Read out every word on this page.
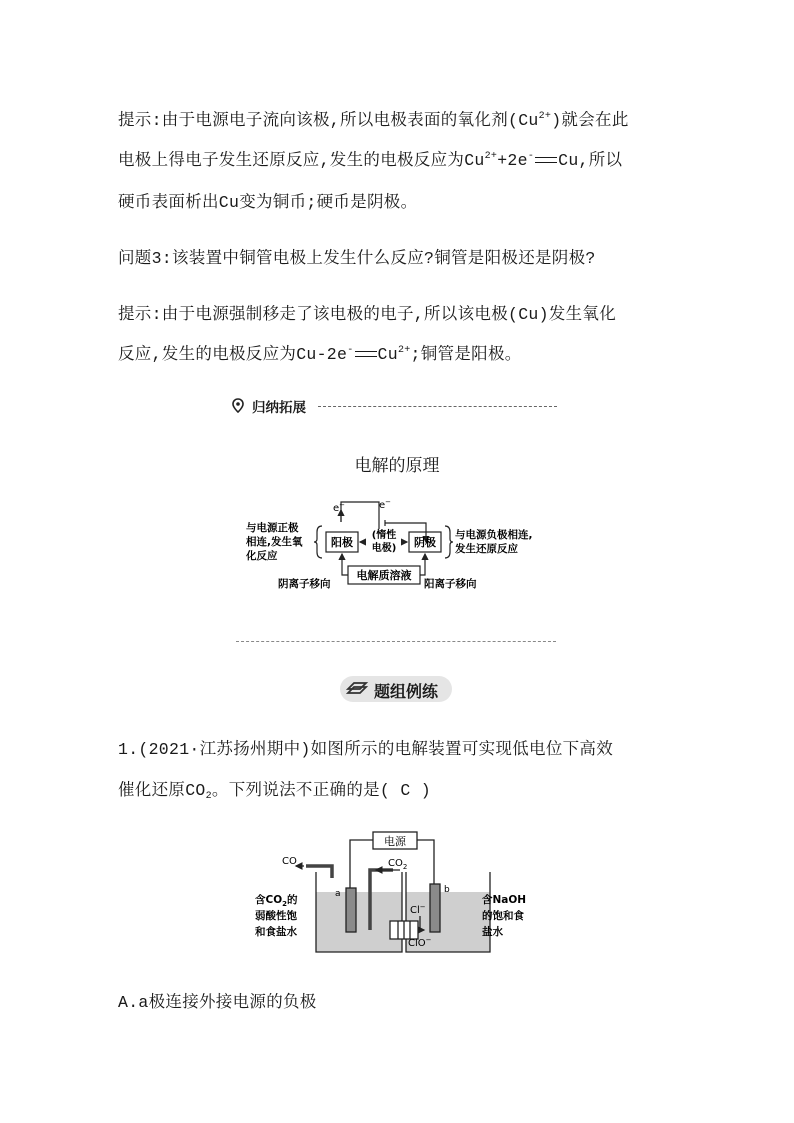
提示:由于电源电子流向该极,所以电极表面的氧化剂$(Cu^{2+})$就会在此
电极上得电子发生还原反应,发生的电极反应为$Cu^{2+}+2e^-$ Cu,所以
硬币表面析出Cu变为铜币;硬币是阴极。
问题3:该装置中铜管电极上发生什么反应?铜管是阳极还是阴极?
提示:由于电源强制移走了该电极的电子,所以该电极(Cu)发生氧化
反应,发生的电极反应为Cu-2e- $Cu^{2+}$;铜管是阳极。
归纳拓展
电解的原理
e−	e−
阳极	阴极
(惰性
电极)
电解质溶液
与电源正极
相连,发生氧
化反应
与电源负极相连,
发生还原反应
阴离子移向	阳离子移向
题组例练
1.(2021·江苏扬州期中)如图所示的电解装置可实现低电位下高效
催化还原$CO_2$。下列说法不正确的是( C )
电源
CO	$CO_2$
a	b
Cl−
ClO−
含$CO_2$的
弱酸性饱
和食盐水
含NaOH
的饱和食
盐水
A.a极连接外接电源的负极
